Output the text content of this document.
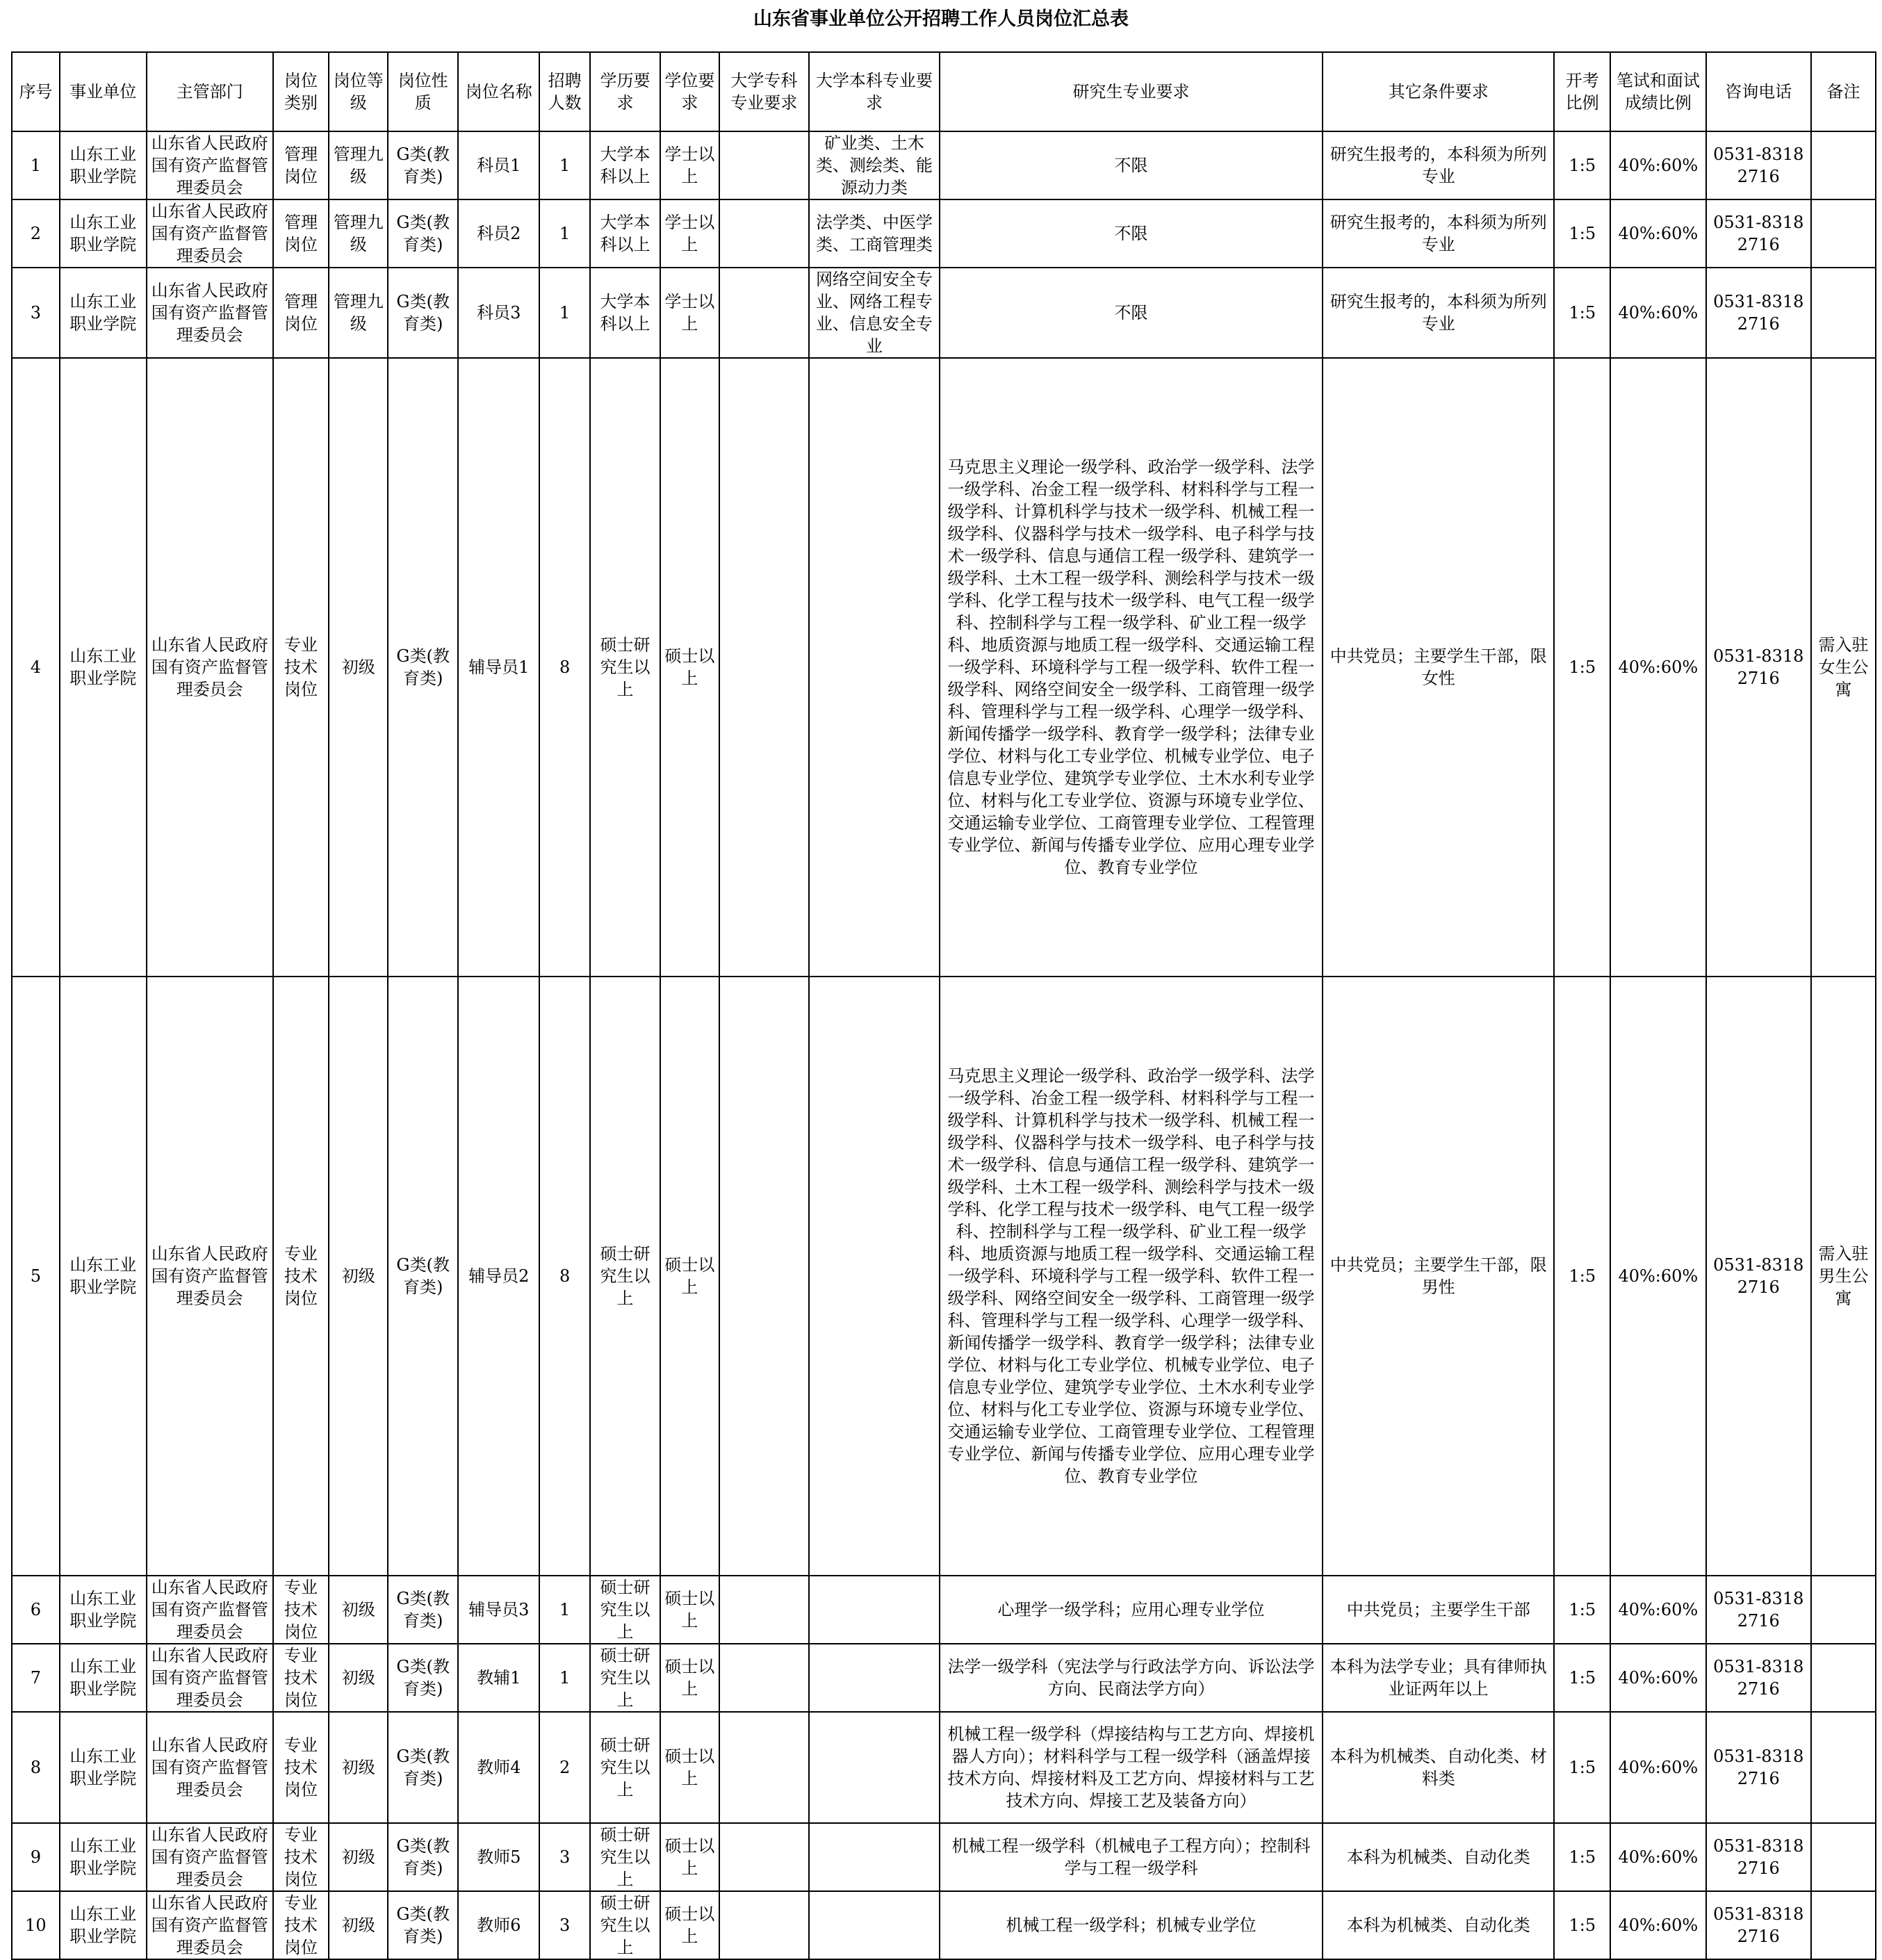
山东省事业单位公开招聘工作人员岗位汇总表
序号	事业单位	主管部门	岗位类别	岗位等级	岗位性质	岗位名称	招聘人数	学历要求	学位要求	大学专科专业要求	大学本科专业要求	研究生专业要求	其它条件要求	开考比例	笔试和面试成绩比例	咨询电话	备注
1	山东工业职业学院	山东省人民政府国有资产监督管理委员会	管理岗位	管理九级	G类(教育类)	科员1	1	大学本科以上	学士以上		矿业类、土木类、测绘类、能源动力类	不限	研究生报考的，本科须为所列专业	1:5	40%:60%	0531-83182716	
2	山东工业职业学院	山东省人民政府国有资产监督管理委员会	管理岗位	管理九级	G类(教育类)	科员2	1	大学本科以上	学士以上		法学类、中医学类、工商管理类	不限	研究生报考的，本科须为所列专业	1:5	40%:60%	0531-83182716	
3	山东工业职业学院	山东省人民政府国有资产监督管理委员会	管理岗位	管理九级	G类(教育类)	科员3	1	大学本科以上	学士以上		网络空间安全专业、网络工程专业、信息安全专业	不限	研究生报考的，本科须为所列专业	1:5	40%:60%	0531-83182716	
4	山东工业职业学院	山东省人民政府国有资产监督管理委员会	专业技术岗位	初级	G类(教育类)	辅导员1	8	硕士研究生以上	硕士以上			马克思主义理论一级学科、政治学一级学科、法学一级学科、冶金工程一级学科、材料科学与工程一级学科、计算机科学与技术一级学科、机械工程一级学科、仪器科学与技术一级学科、电子科学与技术一级学科、信息与通信工程一级学科、建筑学一级学科、土木工程一级学科、测绘科学与技术一级学科、化学工程与技术一级学科、电气工程一级学科、控制科学与工程一级学科、矿业工程一级学科、地质资源与地质工程一级学科、交通运输工程一级学科、环境科学与工程一级学科、软件工程一级学科、网络空间安全一级学科、工商管理一级学科、管理科学与工程一级学科、心理学一级学科、新闻传播学一级学科、教育学一级学科；法律专业学位、材料与化工专业学位、机械专业学位、电子信息专业学位、建筑学专业学位、土木水利专业学位、材料与化工专业学位、资源与环境专业学位、交通运输专业学位、工商管理专业学位、工程管理专业学位、新闻与传播专业学位、应用心理专业学位、教育专业学位	中共党员；主要学生干部，限女性	1:5	40%:60%	0531-83182716	需入驻女生公寓
5	山东工业职业学院	山东省人民政府国有资产监督管理委员会	专业技术岗位	初级	G类(教育类)	辅导员2	8	硕士研究生以上	硕士以上			马克思主义理论一级学科、政治学一级学科、法学一级学科、冶金工程一级学科、材料科学与工程一级学科、计算机科学与技术一级学科、机械工程一级学科、仪器科学与技术一级学科、电子科学与技术一级学科、信息与通信工程一级学科、建筑学一级学科、土木工程一级学科、测绘科学与技术一级学科、化学工程与技术一级学科、电气工程一级学科、控制科学与工程一级学科、矿业工程一级学科、地质资源与地质工程一级学科、交通运输工程一级学科、环境科学与工程一级学科、软件工程一级学科、网络空间安全一级学科、工商管理一级学科、管理科学与工程一级学科、心理学一级学科、新闻传播学一级学科、教育学一级学科；法律专业学位、材料与化工专业学位、机械专业学位、电子信息专业学位、建筑学专业学位、土木水利专业学位、材料与化工专业学位、资源与环境专业学位、交通运输专业学位、工商管理专业学位、工程管理专业学位、新闻与传播专业学位、应用心理专业学位、教育专业学位	中共党员；主要学生干部，限男性	1:5	40%:60%	0531-83182716	需入驻男生公寓
6	山东工业职业学院	山东省人民政府国有资产监督管理委员会	专业技术岗位	初级	G类(教育类)	辅导员3	1	硕士研究生以上	硕士以上			心理学一级学科；应用心理专业学位	中共党员；主要学生干部	1:5	40%:60%	0531-83182716	
7	山东工业职业学院	山东省人民政府国有资产监督管理委员会	专业技术岗位	初级	G类(教育类)	教辅1	1	硕士研究生以上	硕士以上			法学一级学科（宪法学与行政法学方向、诉讼法学方向、民商法学方向）	本科为法学专业；具有律师执业证两年以上	1:5	40%:60%	0531-83182716	
8	山东工业职业学院	山东省人民政府国有资产监督管理委员会	专业技术岗位	初级	G类(教育类)	教师4	2	硕士研究生以上	硕士以上			机械工程一级学科（焊接结构与工艺方向、焊接机器人方向）；材料科学与工程一级学科（涵盖焊接技术方向、焊接材料及工艺方向、焊接材料与工艺技术方向、焊接工艺及装备方向）	本科为机械类、自动化类、材料类	1:5	40%:60%	0531-83182716	
9	山东工业职业学院	山东省人民政府国有资产监督管理委员会	专业技术岗位	初级	G类(教育类)	教师5	3	硕士研究生以上	硕士以上			机械工程一级学科（机械电子工程方向）；控制科学与工程一级学科	本科为机械类、自动化类	1:5	40%:60%	0531-83182716	
10	山东工业职业学院	山东省人民政府国有资产监督管理委员会	专业技术岗位	初级	G类(教育类)	教师6	3	硕士研究生以上	硕士以上			机械工程一级学科；机械专业学位	本科为机械类、自动化类	1:5	40%:60%	0531-83182716	
